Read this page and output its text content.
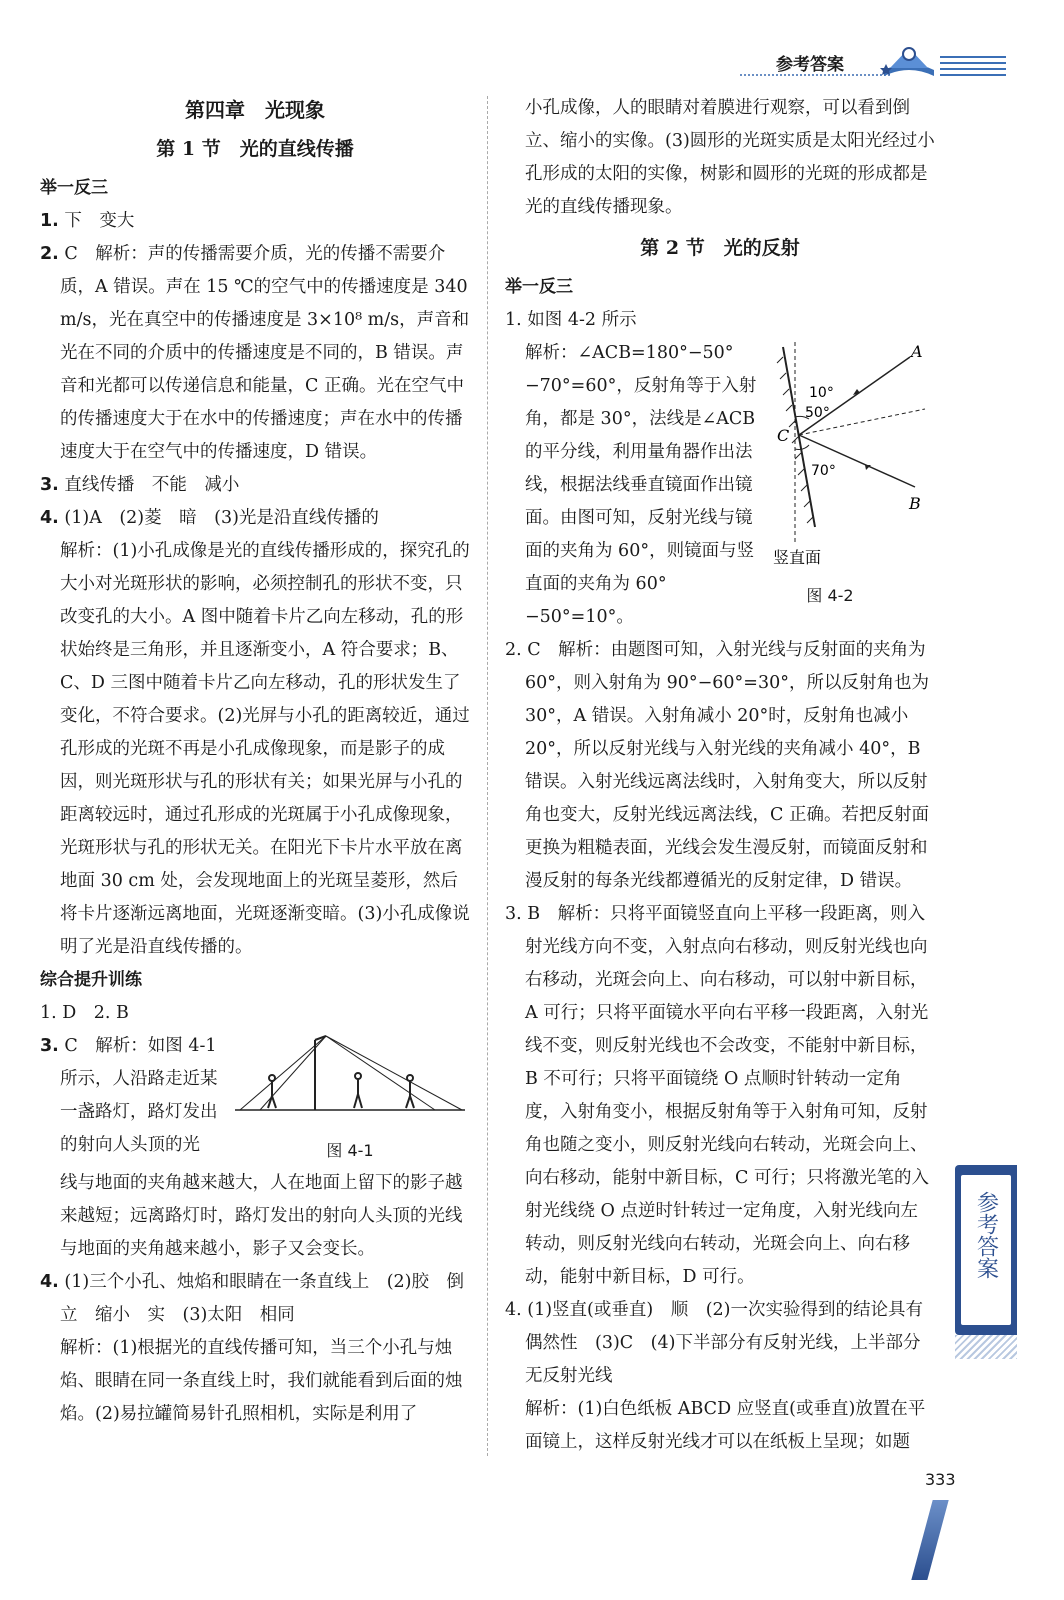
参考答案
第四章　光现象
第 1 节　光的直线传播
举一反三
1. 下　变大
2. C　解析：声的传播需要介质，光的传播不需要介质，A 错误。声在 15 ℃的空气中的传播速度是 340 m/s，光在真空中的传播速度是 3×10⁸ m/s，声音和光在不同的介质中的传播速度是不同的，B 错误。声音和光都可以传递信息和能量，C 正确。光在空气中的传播速度大于在水中的传播速度；声在水中的传播速度大于在空气中的传播速度，D 错误。
3. 直线传播　不能　减小
4. (1)A　(2)菱　暗　(3)光是沿直线传播的
解析：(1)小孔成像是光的直线传播形成的，探究孔的大小对光斑形状的影响，必须控制孔的形状不变，只改变孔的大小。A 图中随着卡片乙向左移动，孔的形状始终是三角形，并且逐渐变小，A 符合要求；B、C、D 三图中随着卡片乙向左移动，孔的形状发生了变化，不符合要求。(2)光屏与小孔的距离较近，通过孔形成的光斑不再是小孔成像现象，而是影子的成因，则光斑形状与孔的形状有关；如果光屏与小孔的距离较远时，通过孔形成的光斑属于小孔成像现象，光斑形状与孔的形状无关。在阳光下卡片水平放在离地面 30 cm 处，会发现地面上的光斑呈菱形，然后将卡片逐渐远离地面，光斑逐渐变暗。(3)小孔成像说明了光是沿直线传播的。
综合提升训练
1. D　2. B
3. C　解析：如图 4-1 所示，人沿路走近某一盏路灯，路灯发出的射向人头顶的光	图 4-1
线与地面的夹角越来越大，人在地面上留下的影子越来越短；远离路灯时，路灯发出的射向人头顶的光线与地面的夹角越来越小，影子又会变长。
4. (1)三个小孔、烛焰和眼睛在一条直线上　(2)胶　倒立　缩小　实　(3)太阳　相同
解析：(1)根据光的直线传播可知，当三个小孔与烛焰、眼睛在同一条直线上时，我们就能看到后面的烛焰。(2)易拉罐简易针孔照相机，实际是利用了
小孔成像，人的眼睛对着膜进行观察，可以看到倒立、缩小的实像。(3)圆形的光斑实质是太阳光经过小孔形成的太阳的实像，树影和圆形的光斑的形成都是光的直线传播现象。
第 2 节　光的反射
举一反三
1. 如图 4-2 所示
解析：∠ACB=180°−50°−70°=60°，反射角等于入射角，都是 30°，法线是∠ACB 的平分线，利用量角器作出法线，根据法线垂直镜面作出镜面。由图可知，反射光线与镜面的夹角为 60°，则镜面与竖直面的夹角为 60°−50°=10°。
A
B
C
10°
50°
70°
竖直面
图 4-2
2. C　解析：由题图可知，入射光线与反射面的夹角为 60°，则入射角为 90°−60°=30°，所以反射角也为 30°，A 错误。入射角减小 20°时，反射角也减小 20°，所以反射光线与入射光线的夹角减小 40°，B 错误。入射光线远离法线时，入射角变大，所以反射角也变大，反射光线远离法线，C 正确。若把反射面更换为粗糙表面，光线会发生漫反射，而镜面反射和漫反射的每条光线都遵循光的反射定律，D 错误。
3. B　解析：只将平面镜竖直向上平移一段距离，则入射光线方向不变，入射点向右移动，则反射光线也向右移动，光斑会向上、向右移动，可以射中新目标，A 可行；只将平面镜水平向右平移一段距离，入射光线不变，则反射光线也不会改变，不能射中新目标，B 不可行；只将平面镜绕 O 点顺时针转动一定角度，入射角变小，根据反射角等于入射角可知，反射角也随之变小，则反射光线向右转动，光斑会向上、向右移动，能射中新目标，C 可行；只将激光笔的入射光线绕 O 点逆时针转过一定角度，入射光线向左转动，则反射光线向右转动，光斑会向上、向右移动，能射中新目标，D 可行。
4. (1)竖直(或垂直)　顺　(2)一次实验得到的结论具有偶然性　(3)C　(4)下半部分有反射光线，上半部分无反射光线
解析：(1)白色纸板 ABCD 应竖直(或垂直)放置在平面镜上，这样反射光线才可以在纸板上呈现；如题
参考答案
333
